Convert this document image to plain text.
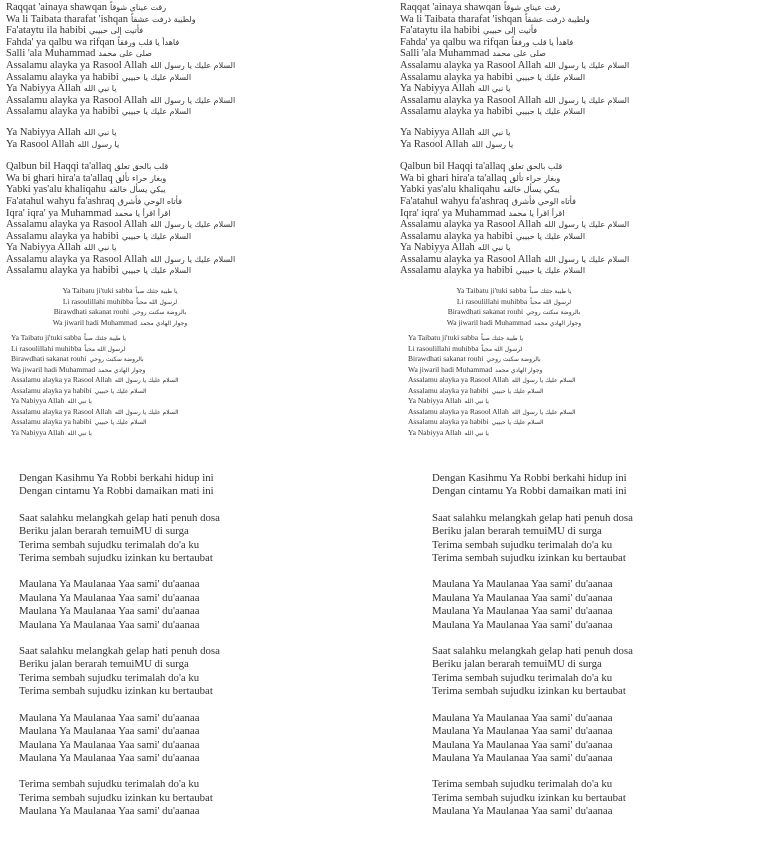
Raqqat 'ainaya shawqan رقت عيناي شوقاً
Wa li Taibata tharafat 'ishqan ولطيبة ذرفت عشقاً
Fa'ataytu ila habibi فأتيت إلى حبيبي
Fahda' ya qalbu wa rifqan فاهدأ يا قلب ورفقاً
Salli 'ala Muhammad صلى على محمد
Assalamu alayka ya Rasool Allah السلام عليك يا رسول الله
Assalamu alayka ya habibi السلام عليك يا حبيبي
Ya Nabiyya Allah يا نبي الله
Assalamu alayka ya Rasool Allah السلام عليك يا رسول الله
Assalamu alayka ya habibi السلام عليك يا حبيبي
Ya Nabiyya Allah يا نبي الله
Ya Rasool Allah يا رسول الله
Qalbun bil Haqqi ta'allaq قلب بالحق تعلق
Wa bi ghari hira'a ta'allaq وبغار حراء تألق
Yabki yas'alu khaliqahu يبكي يسأل خالقه
Fa'atahul wahyu fa'ashraq فأتاه الوحي فأشرق
Iqra' iqra' ya Muhammad اقرأ اقرأ يا محمد
Assalamu alayka ya Rasool Allah السلام عليك يا رسول الله
Assalamu alayka ya habibi السلام عليك يا حبيبي
Ya Nabiyya Allah يا نبي الله
Assalamu alayka ya Rasool Allah السلام عليك يا رسول الله
Assalamu alayka ya habibi السلام عليك يا حبيبي
Ya Taibatu ji'tuki sabba يا طيبة جئتك صباً
Li rasoulillahi muhibba لرسول الله محباً
Birawdhati sakanat rouhi بالروضة سكنت روحي
Wa jiwaril hadi Muhammad وجوار الهادي محمد
Ya Taibatu ji'tuki sabba يا طيبة جئتك صباً
Li rasoulillahi muhibba لرسول الله محباً
Birawdhati sakanat rouhi بالروضة سكنت روحي
Wa jiwaril hadi Muhammad وجوار الهادي محمد
Assalamu alayka ya Rasool Allah السلام عليك يا رسول الله
Assalamu alayka ya habibi السلام عليك يا حبيبي
Ya Nabiyya Allah يا نبي الله
Assalamu alayka ya Rasool Allah السلام عليك يا رسول الله
Assalamu alayka ya habibi السلام عليك يا حبيبي
Ya Nabiyya Allah يا نبي الله
Dengan Kasihmu Ya Robbi berkahi hidup ini
Dengan cintamu Ya Robbi damaikan mati ini
Saat salahku melangkah gelap hati penuh dosa
Beriku jalan berarah temuiMU di surga
Terima sembah sujudku terimalah do'a ku
Terima sembah sujudku izinkan ku bertaubat
Maulana Ya Maulanaa Yaa sami' du'aanaa
Maulana Ya Maulanaa Yaa sami' du'aanaa
Maulana Ya Maulanaa Yaa sami' du'aanaa
Maulana Ya Maulanaa Yaa sami' du'aanaa
Saat salahku melangkah gelap hati penuh dosa
Beriku jalan berarah temuiMU di surga
Terima sembah sujudku terimalah do'a ku
Terima sembah sujudku izinkan ku bertaubat
Maulana Ya Maulanaa Yaa sami' du'aanaa
Maulana Ya Maulanaa Yaa sami' du'aanaa
Maulana Ya Maulanaa Yaa sami' du'aanaa
Maulana Ya Maulanaa Yaa sami' du'aanaa
Terima sembah sujudku terimalah do'a ku
Terima sembah sujudku izinkan ku bertaubat
Maulana Ya Maulanaa Yaa sami' du'aanaa
Raqqat 'ainaya shawqan رقت عيناي شوقاً
Wa li Taibata tharafat 'ishqan ولطيبة ذرفت عشقاً
Fa'ataytu ila habibi فأتيت إلى حبيبي
Fahda' ya qalbu wa rifqan فاهدأ يا قلب ورفقاً
Salli 'ala Muhammad صلى على محمد
Assalamu alayka ya Rasool Allah السلام عليك يا رسول الله
Assalamu alayka ya habibi السلام عليك يا حبيبي
Ya Nabiyya Allah يا نبي الله
Assalamu alayka ya Rasool Allah السلام عليك يا رسول الله
Assalamu alayka ya habibi السلام عليك يا حبيبي
Ya Nabiyya Allah يا نبي الله
Ya Rasool Allah يا رسول الله
Qalbun bil Haqqi ta'allaq قلب بالحق تعلق
Wa bi ghari hira'a ta'allaq وبغار حراء تألق
Yabki yas'alu khaliqahu يبكي يسأل خالقه
Fa'atahul wahyu fa'ashraq فأتاه الوحي فأشرق
Iqra' iqra' ya Muhammad اقرأ اقرأ يا محمد
Assalamu alayka ya Rasool Allah السلام عليك يا رسول الله
Assalamu alayka ya habibi السلام عليك يا حبيبي
Ya Nabiyya Allah يا نبي الله
Assalamu alayka ya Rasool Allah السلام عليك يا رسول الله
Assalamu alayka ya habibi السلام عليك يا حبيبي
Ya Taibatu ji'tuki sabba يا طيبة جئتك صباً
Li rasoulillahi muhibba لرسول الله محباً
Birawdhati sakanat rouhi بالروضة سكنت روحي
Wa jiwaril hadi Muhammad وجوار الهادي محمد
Ya Taibatu ji'tuki sabba يا طيبة جئتك صباً
Li rasoulillahi muhibba لرسول الله محباً
Birawdhati sakanat rouhi بالروضة سكنت روحي
Wa jiwaril hadi Muhammad وجوار الهادي محمد
Assalamu alayka ya Rasool Allah السلام عليك يا رسول الله
Assalamu alayka ya habibi السلام عليك يا حبيبي
Ya Nabiyya Allah يا نبي الله
Assalamu alayka ya Rasool Allah السلام عليك يا رسول الله
Assalamu alayka ya habibi السلام عليك يا حبيبي
Ya Nabiyya Allah يا نبي الله
Dengan Kasihmu Ya Robbi berkahi hidup ini
Dengan cintamu Ya Robbi damaikan mati ini
Saat salahku melangkah gelap hati penuh dosa
Beriku jalan berarah temuiMU di surga
Terima sembah sujudku terimalah do'a ku
Terima sembah sujudku izinkan ku bertaubat
Maulana Ya Maulanaa Yaa sami' du'aanaa
Maulana Ya Maulanaa Yaa sami' du'aanaa
Maulana Ya Maulanaa Yaa sami' du'aanaa
Maulana Ya Maulanaa Yaa sami' du'aanaa
Saat salahku melangkah gelap hati penuh dosa
Beriku jalan berarah temuiMU di surga
Terima sembah sujudku terimalah do'a ku
Terima sembah sujudku izinkan ku bertaubat
Maulana Ya Maulanaa Yaa sami' du'aanaa
Maulana Ya Maulanaa Yaa sami' du'aanaa
Maulana Ya Maulanaa Yaa sami' du'aanaa
Maulana Ya Maulanaa Yaa sami' du'aanaa
Terima sembah sujudku terimalah do'a ku
Terima sembah sujudku izinkan ku bertaubat
Maulana Ya Maulanaa Yaa sami' du'aanaa
